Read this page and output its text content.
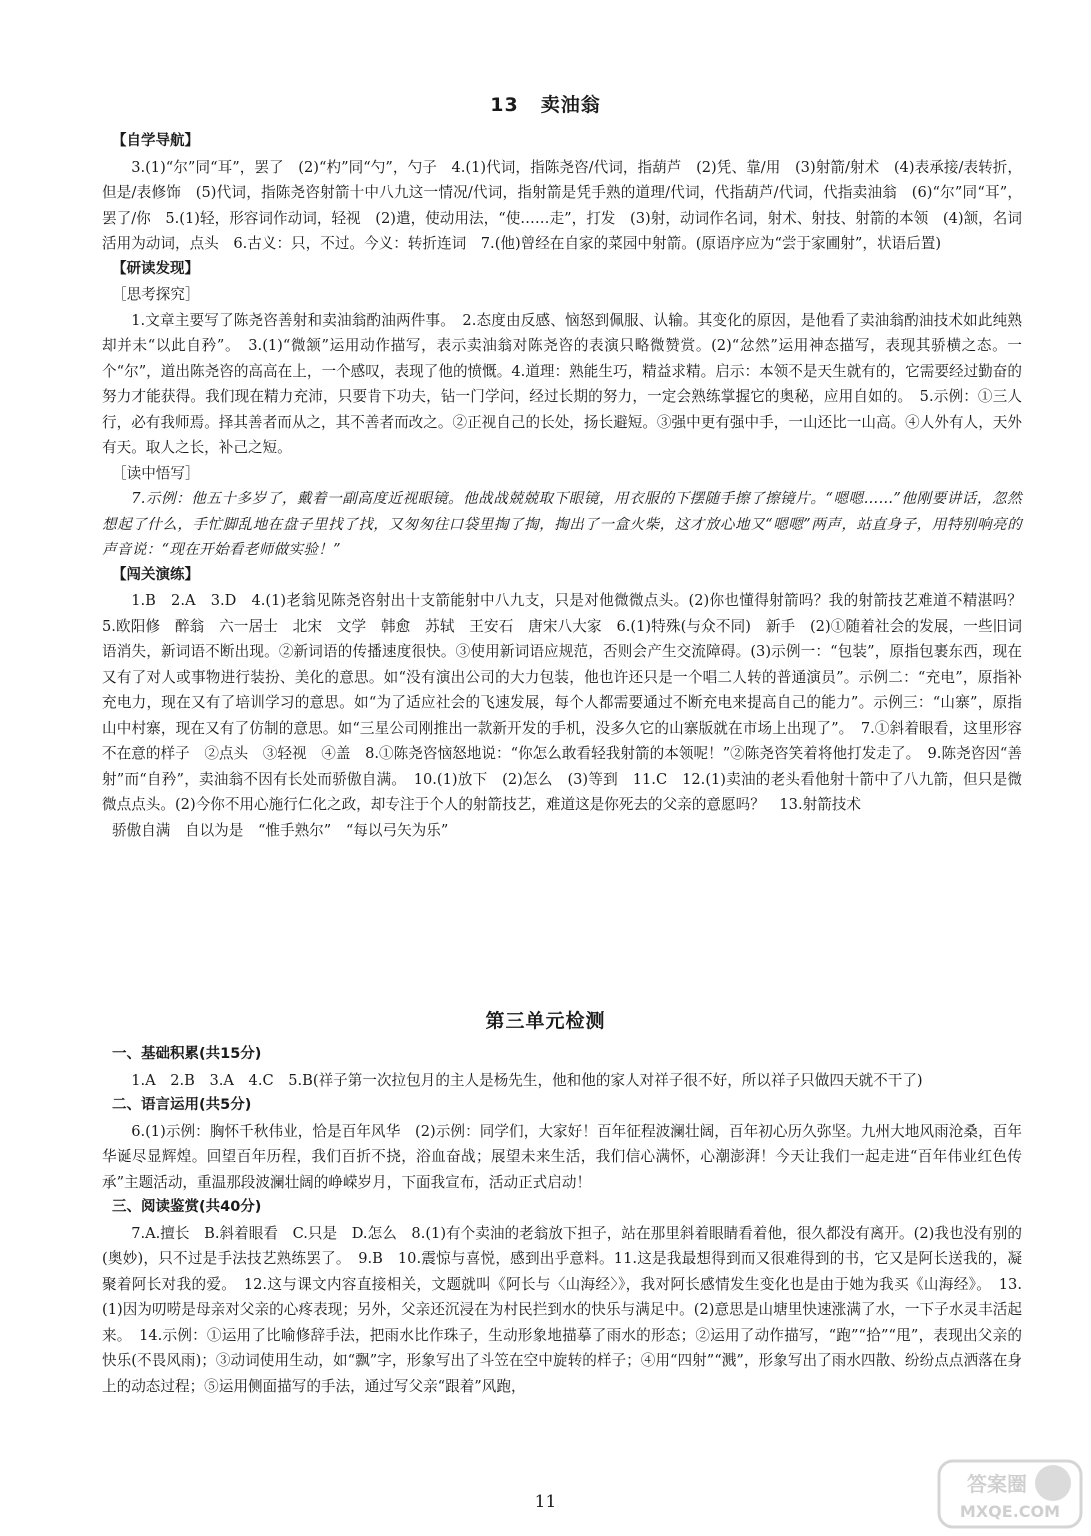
13 卖油翁
【自学导航】
3.(1)“尔”同“耳”，罢了　(2)“杓”同“勺”，勺子　4.(1)代词，指陈尧咨/代词，指葫芦　(2)凭、靠/用　(3)射箭/射术　(4)表承接/表转折，但是/表修饰　(5)代词，指陈尧咨射箭十中八九这一情况/代词，指射箭是凭手熟的道理/代词，代指葫芦/代词，代指卖油翁　(6)“尔”同“耳”，罢了/你　5.(1)轻，形容词作动词，轻视　(2)遣，使动用法，“使……走”，打发　(3)射，动词作名词，射术、射技、射箭的本领　(4)颔，名词活用为动词，点头　6.古义：只，不过。今义：转折连词　7.(他)曾经在自家的菜园中射箭。(原语序应为“尝于家圃射”，状语后置)
【研读发现】
［思考探究］
1.文章主要写了陈尧咨善射和卖油翁酌油两件事。　2.态度由反感、恼怒到佩服、认输。其变化的原因，是他看了卖油翁酌油技术如此纯熟却并未“以此自矜”。　3.(1)“微颔”运用动作描写，表示卖油翁对陈尧咨的表演只略微赞赏。(2)“忿然”运用神态描写，表现其骄横之态。一个“尔”，道出陈尧咨的高高在上，一个感叹，表现了他的愤慨。4.道理：熟能生巧，精益求精。启示：本领不是天生就有的，它需要经过勤奋的努力才能获得。我们现在精力充沛，只要肯下功夫，钻一门学问，经过长期的努力，一定会熟练掌握它的奥秘，应用自如的。　5.示例：①三人行，必有我师焉。择其善者而从之，其不善者而改之。②正视自己的长处，扬长避短。③强中更有强中手，一山还比一山高。④人外有人，天外有天。取人之长，补己之短。
［读中悟写］
7.示例：他五十多岁了，戴着一副高度近视眼镜。他战战兢兢取下眼镜，用衣服的下摆随手擦了擦镜片。“嗯嗯……”他刚要讲话，忽然想起了什么，手忙脚乱地在盘子里找了找，又匆匆往口袋里掏了掏，掏出了一盒火柴，这才放心地又“嗯嗯”两声，站直身子，用特别响亮的声音说：“现在开始看老师做实验！”
【闯关演练】
1.B　2.A　3.D　4.(1)老翁见陈尧咨射出十支箭能射中八九支，只是对他微微点头。(2)你也懂得射箭吗？我的射箭技艺难道不精湛吗？　5.欧阳修　醉翁　六一居士　北宋　文学　韩愈　苏轼　王安石　唐宋八大家　6.(1)特殊(与众不同)　新手　(2)①随着社会的发展，一些旧词语消失，新词语不断出现。②新词语的传播速度很快。③使用新词语应规范，否则会产生交流障碍。(3)示例一：“包装”，原指包裹东西，现在又有了对人或事物进行装扮、美化的意思。如“没有演出公司的大力包装，他也许还只是一个唱二人转的普通演员”。示例二：“充电”，原指补充电力，现在又有了培训学习的意思。如“为了适应社会的飞速发展，每个人都需要通过不断充电来提高自己的能力”。示例三：“山寨”，原指山中村寨，现在又有了仿制的意思。如“三星公司刚推出一款新开发的手机，没多久它的山寨版就在市场上出现了”。　7.①斜着眼看，这里形容不在意的样子　②点头　③轻视　④盖　8.①陈尧咨恼怒地说：“你怎么敢看轻我射箭的本领呢！”②陈尧咨笑着将他打发走了。　9.陈尧咨因“善射”而“自矜”，卖油翁不因有长处而骄傲自满。　10.(1)放下　(2)怎么　(3)等到　11.C　12.(1)卖油的老头看他射十箭中了八九箭，但只是微微点点头。(2)今你不用心施行仁化之政，却专注于个人的射箭技艺，难道这是你死去的父亲的意愿吗？　13.射箭技术
骄傲自满　自以为是　“惟手熟尔”　“每以弓矢为乐”
第三单元检测
一、基础积累(共15分)
1.A　2.B　3.A　4.C　5.B(祥子第一次拉包月的主人是杨先生，他和他的家人对祥子很不好，所以祥子只做四天就不干了)
二、语言运用(共5分)
6.(1)示例：胸怀千秋伟业，恰是百年风华　(2)示例：同学们，大家好！百年征程波澜壮阔，百年初心历久弥坚。九州大地风雨沧桑，百年华诞尽显辉煌。回望百年历程，我们百折不挠，浴血奋战；展望未来生活，我们信心满怀，心潮澎湃！今天让我们一起走进“百年伟业红色传承”主题活动，重温那段波澜壮阔的峥嵘岁月，下面我宣布，活动正式启动！
三、阅读鉴赏(共40分)
7.A.擅长　B.斜着眼看　C.只是　D.怎么　8.(1)有个卖油的老翁放下担子，站在那里斜着眼睛看着他，很久都没有离开。(2)我也没有别的(奥妙)，只不过是手法技艺熟练罢了。　9.B　10.震惊与喜悦，感到出乎意料。11.这是我最想得到而又很难得到的书，它又是阿长送我的，凝聚着阿长对我的爱。　12.这与课文内容直接相关，文题就叫《阿长与〈山海经〉》，我对阿长感情发生变化也是由于她为我买《山海经》。　13.(1)因为叨唠是母亲对父亲的心疼表现；另外，父亲还沉浸在为村民拦到水的快乐与满足中。(2)意思是山塘里快速涨满了水，一下子水灵丰活起来。　14.示例：①运用了比喻修辞手法，把雨水比作珠子，生动形象地描摹了雨水的形态；②运用了动作描写，“跑”“拾”“甩”，表现出父亲的快乐(不畏风雨)；③动词使用生动，如“飘”字，形象写出了斗笠在空中旋转的样子；④用“四射”“溅”，形象写出了雨水四散、纷纷点点洒落在身上的动态过程；⑤运用侧面描写的手法，通过写父亲“跟着”风跑，
11
答案圈
MXQE.COM
